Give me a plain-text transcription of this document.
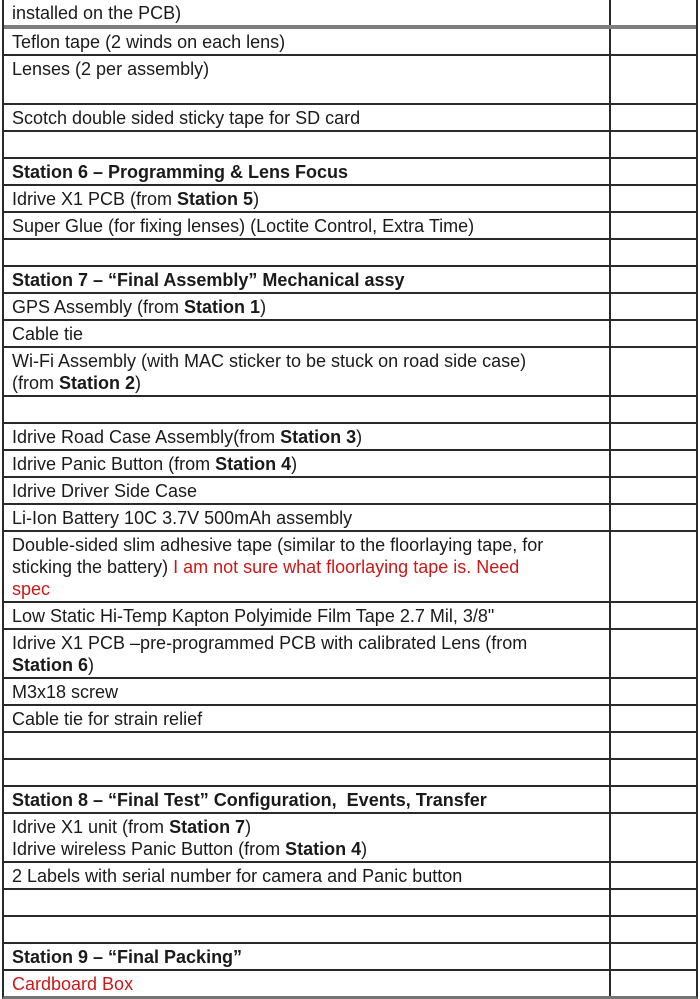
installed on the PCB)
Teflon tape (2 winds on each lens)
Lenses (2 per assembly)

Scotch double sided sticky tape for SD card

Station 6 – Programming & Lens Focus
Idrive X1 PCB (from Station 5)
Super Glue (for fixing lenses) (Loctite Control, Extra Time)

Station 7 – “Final Assembly” Mechanical assy
GPS Assembly (from Station 1)
Cable tie
Wi-Fi Assembly (with MAC sticker to be stuck on road side case)
(from Station 2)

Idrive Road Case Assembly(from Station 3)
Idrive Panic Button (from Station 4)
Idrive Driver Side Case
Li-Ion Battery 10C 3.7V 500mAh assembly
Double-sided slim adhesive tape (similar to the floorlaying tape, for
sticking the battery) I am not sure what floorlaying tape is. Need
spec
Low Static Hi-Temp Kapton Polyimide Film Tape 2.7 Mil, 3/8"
Idrive X1 PCB –pre-programmed PCB with calibrated Lens (from
Station 6)
M3x18 screw
Cable tie for strain relief

Station 8 – “Final Test” Configuration,  Events, Transfer
Idrive X1 unit (from Station 7)
Idrive wireless Panic Button (from Station 4)
2 Labels with serial number for camera and Panic button

Station 9 – “Final Packing”
Cardboard Box
